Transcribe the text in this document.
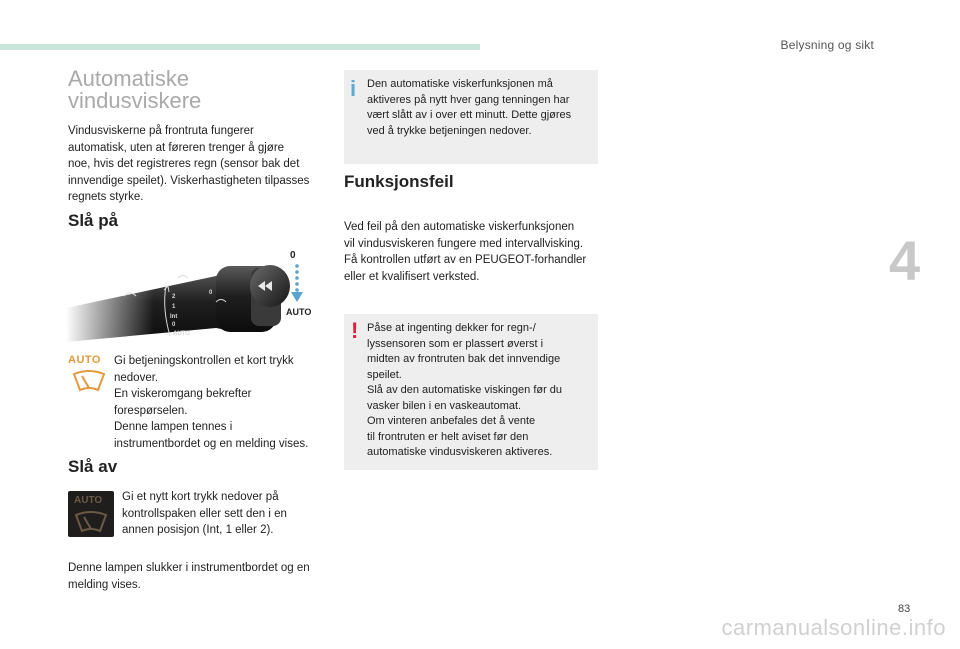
Belysning og sikt
4
83
Automatiske
vindusviskere
Vindusviskerne på frontruta fungerer
automatisk, uten at føreren trenger å gjøre
noe, hvis det registreres regn (sensor bak det
innvendige speilet). Viskerhastigheten tilpasses
regnets styrke.
Slå på
0
AUTO
AUTO	Gi betjeningskontrollen et kort trykk
nedover.
En viskeromgang bekrefter
forespørselen.
Denne lampen tennes i
instrumentbordet og en melding vises.
Slå av
AUTO Gi et nytt kort trykk nedover på
kontrollspaken eller sett den i en
annen posisjon (Int, 1 eller 2).
Denne lampen slukker i instrumentbordet og en
melding vises.
i Den automatiske viskerfunksjonen må
aktiveres på nytt hver gang tenningen har
vært slått av i over ett minutt. Dette gjøres
ved å trykke betjeningen nedover.
Funksjonsfeil
Ved feil på den automatiske viskerfunksjonen
vil vindusviskeren fungere med intervallvisking.
Få kontrollen utført av en PEUGEOT-forhandler
eller et kvalifisert verksted.
! Påse at ingenting dekker for regn-/
lyssensoren som er plassert øverst i
midten av frontruten bak det innvendige
speilet.
Slå av den automatiske viskingen før du
vasker bilen i en vaskeautomat.
Om vinteren anbefales det å vente
til frontruten er helt aviset før den
automatiske vindusviskeren aktiveres.
carmanualsonline.info
